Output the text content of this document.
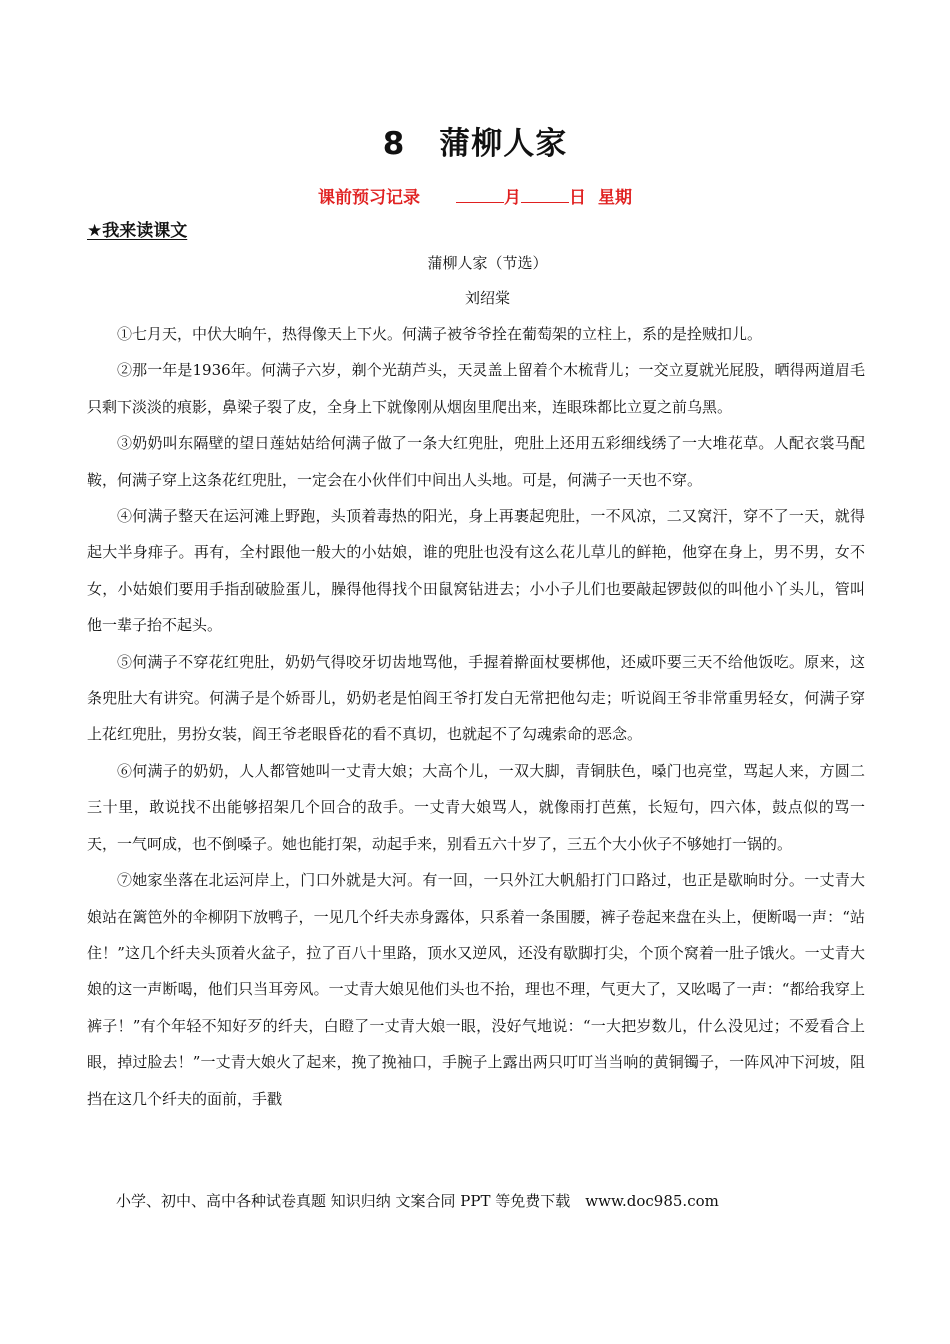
8 蒲柳人家
课前预习记录	月	日 星期
★我来读课文
蒲柳人家（节选）
刘绍棠

①七月天，中伏大晌午，热得像天上下火。何满子被爷爷拴在葡萄架的立柱上，系的是拴贼扣儿。

②那一年是1936年。何满子六岁，剃个光葫芦头，天灵盖上留着个木梳背儿；一交立夏就光屁股，晒得两道眉毛只剩下淡淡的痕影，鼻梁子裂了皮，全身上下就像刚从烟囱里爬出来，连眼珠都比立夏之前乌黑。

③奶奶叫东隔壁的望日莲姑姑给何满子做了一条大红兜肚，兜肚上还用五彩细线绣了一大堆花草。人配衣裳马配鞍，何满子穿上这条花红兜肚，一定会在小伙伴们中间出人头地。可是，何满子一天也不穿。

④何满子整天在运河滩上野跑，头顶着毒热的阳光，身上再裹起兜肚，一不风凉，二又窝汗，穿不了一天，就得起大半身痱子。再有，全村跟他一般大的小姑娘，谁的兜肚也没有这么花儿草儿的鲜艳，他穿在身上，男不男，女不女，小姑娘们要用手指刮破脸蛋儿，臊得他得找个田鼠窝钻进去；小小子儿们也要敲起锣鼓似的叫他小丫头儿，管叫他一辈子抬不起头。

⑤何满子不穿花红兜肚，奶奶气得咬牙切齿地骂他，手握着擀面杖要梆他，还威吓要三天不给他饭吃。原来，这条兜肚大有讲究。何满子是个娇哥儿，奶奶老是怕阎王爷打发白无常把他勾走；听说阎王爷非常重男轻女，何满子穿上花红兜肚，男扮女装，阎王爷老眼昏花的看不真切，也就起不了勾魂索命的恶念。

⑥何满子的奶奶，人人都管她叫一丈青大娘；大高个儿，一双大脚，青铜肤色，嗓门也亮堂，骂起人来，方圆二三十里，敢说找不出能够招架几个回合的敌手。一丈青大娘骂人，就像雨打芭蕉，长短句，四六体，鼓点似的骂一天，一气呵成，也不倒嗓子。她也能打架，动起手来，别看五六十岁了，三五个大小伙子不够她打一锅的。

⑦她家坐落在北运河岸上，门口外就是大河。有一回，一只外江大帆船打门口路过，也正是歇晌时分。一丈青大娘站在篱笆外的伞柳阴下放鸭子，一见几个纤夫赤身露体，只系着一条围腰，裤子卷起来盘在头上，便断喝一声：“站住！”这几个纤夫头顶着火盆子，拉了百八十里路，顶水又逆风，还没有歇脚打尖，个顶个窝着一肚子饿火。一丈青大娘的这一声断喝，他们只当耳旁风。一丈青大娘见他们头也不抬，理也不理，气更大了，又吆喝了一声：“都给我穿上裤子！”有个年轻不知好歹的纤夫，白瞪了一丈青大娘一眼，没好气地说：“一大把岁数儿，什么没见过；不爱看合上眼，掉过脸去！”一丈青大娘火了起来，挽了挽袖口，手腕子上露出两只叮叮当当响的黄铜镯子，一阵风冲下河坡，阻挡在这几个纤夫的面前，手戳

小学、初中、高中各种试卷真题 知识归纳 文案合同 PPT 等免费下载　www.doc985.com
